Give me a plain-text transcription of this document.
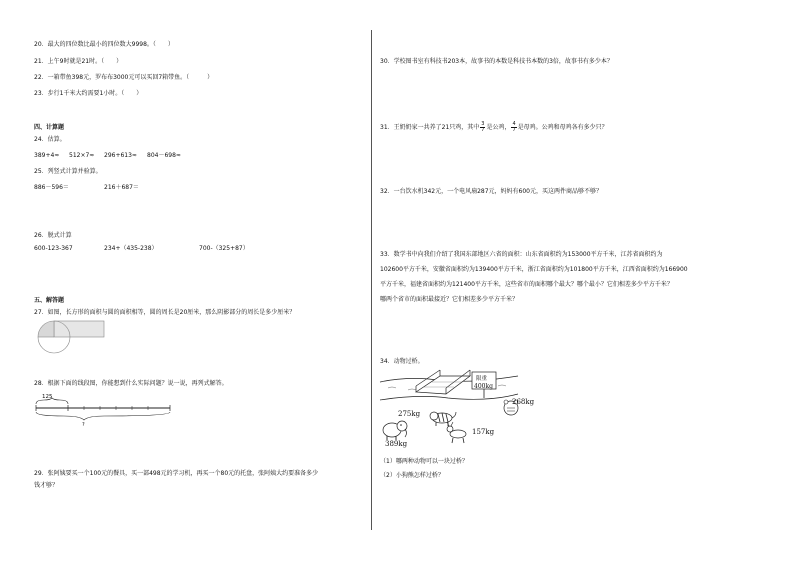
20．最大的四位数比最小的四位数大9998。（　　）
21．上午9时就是21时。（　　）
22．一箱带鱼398元，罗布布3000元可以买回7箱带鱼。（　　　）
23．步行1千米大约需要1小时。（　　）
四、计算题
24．估算。
389+4≈ 512×7≈ 296+613≈ 804－698≈
25．列竖式计算并验算。
886－596＝	216＋687＝
26．脱式计算
600-123-367	234+（435-238）	700-（325+87）
五、解答题
27．如图，长方形的面积与圆的面积相等，圆的周长是20厘米，那么阴影部分的周长是多少厘米？
28．根据下面的线段图，你能想到什么实际问题？说一说，再列式解答。
125
?
29．张阿姨要买一个100元的餐具，买一部498元的学习机，再买一个80元的托盘，张阿姨大约要准备多少
钱才够？
30．学校图书室有科技书203本，故事书的本数是科技书本数的3倍，故事书有多少本？
31．王奶奶家一共养了21只鸡，其中 $\frac{3}{7}$ 是公鸡， $\frac{4}{7}$ 是母鸡。公鸡和母鸡各有多少只？
32．一台饮水机342元，一个电风扇287元，妈妈有600元，买这两件商品够不够？
33．数学书中向我们介绍了我国东部地区六省的面积：山东省面积约为153000平方千米，江苏省面积约为
102600平方千米，安徽省面积约为139400平方千米，浙江省面积约为101800平方千米，江西省面积约为166900
平方千米，福建省面积约为121400平方千米，这些省市的面积哪个最大？哪个最小？它们相差多少平方千米？
哪两个省市的面积最接近？它们相差多少平方千米？
34．动物过桥。
限重
400kg
268kg
275kg
389kg
157kg
（1）哪两种动物可以一块过桥？
（2）小狗熊怎样过桥？
